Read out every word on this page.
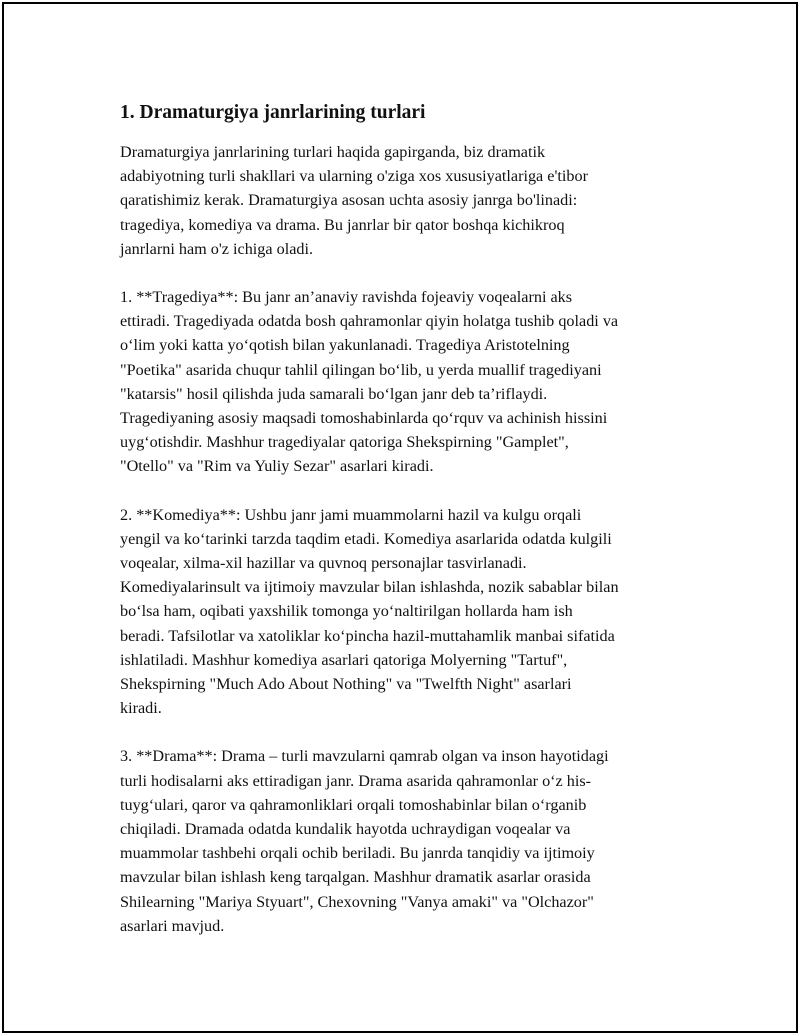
1. Dramaturgiya janrlarining turlari

Dramaturgiya janrlarining turlari haqida gapirganda, biz dramatik
adabiyotning turli shakllari va ularning o'ziga xos xususiyatlariga e'tibor
qaratishimiz kerak. Dramaturgiya asosan uchta asosiy janrga bo'linadi:
tragediya, komediya va drama. Bu janrlar bir qator boshqa kichikroq
janrlarni ham o'z ichiga oladi.

1. **Tragediya**: Bu janr an’anaviy ravishda fojeaviy voqealarni aks
ettiradi. Tragediyada odatda bosh qahramonlar qiyin holatga tushib qoladi va
o‘lim yoki katta yo‘qotish bilan yakunlanadi. Tragediya Aristotelning
"Poetika" asarida chuqur tahlil qilingan bo‘lib, u yerda muallif tragediyani
"katarsis" hosil qilishda juda samarali bo‘lgan janr deb ta’riflaydi.
Tragediyaning asosiy maqsadi tomoshabinlarda qo‘rquv va achinish hissini
uyg‘otishdir. Mashhur tragediyalar qatoriga Shekspirning "Gamplet",
"Otello" va "Rim va Yuliy Sezar" asarlari kiradi.

2. **Komediya**: Ushbu janr jami muammolarni hazil va kulgu orqali
yengil va ko‘tarinki tarzda taqdim etadi. Komediya asarlarida odatda kulgili
voqealar, xilma-xil hazillar va quvnoq personajlar tasvirlanadi.
Komediyalarinsult va ijtimoiy mavzular bilan ishlashda, nozik sabablar bilan
bo‘lsa ham, oqibati yaxshilik tomonga yo‘naltirilgan hollarda ham ish
beradi. Tafsilotlar va xatoliklar ko‘pincha hazil-muttahamlik manbai sifatida
ishlatiladi. Mashhur komediya asarlari qatoriga Molyerning "Tartuf",
Shekspirning "Much Ado About Nothing" va "Twelfth Night" asarlari
kiradi.

3. **Drama**: Drama – turli mavzularni qamrab olgan va inson hayotidagi
turli hodisalarni aks ettiradigan janr. Drama asarida qahramonlar o‘z his-
tuyg‘ulari, qaror va qahramonliklari orqali tomoshabinlar bilan o‘rganib
chiqiladi. Dramada odatda kundalik hayotda uchraydigan voqealar va
muammolar tashbehi orqali ochib beriladi. Bu janrda tanqidiy va ijtimoiy
mavzular bilan ishlash keng tarqalgan. Mashhur dramatik asarlar orasida
Shilearning "Mariya Styuart", Chexovning "Vanya amaki" va "Olchazor"
asarlari mavjud.
